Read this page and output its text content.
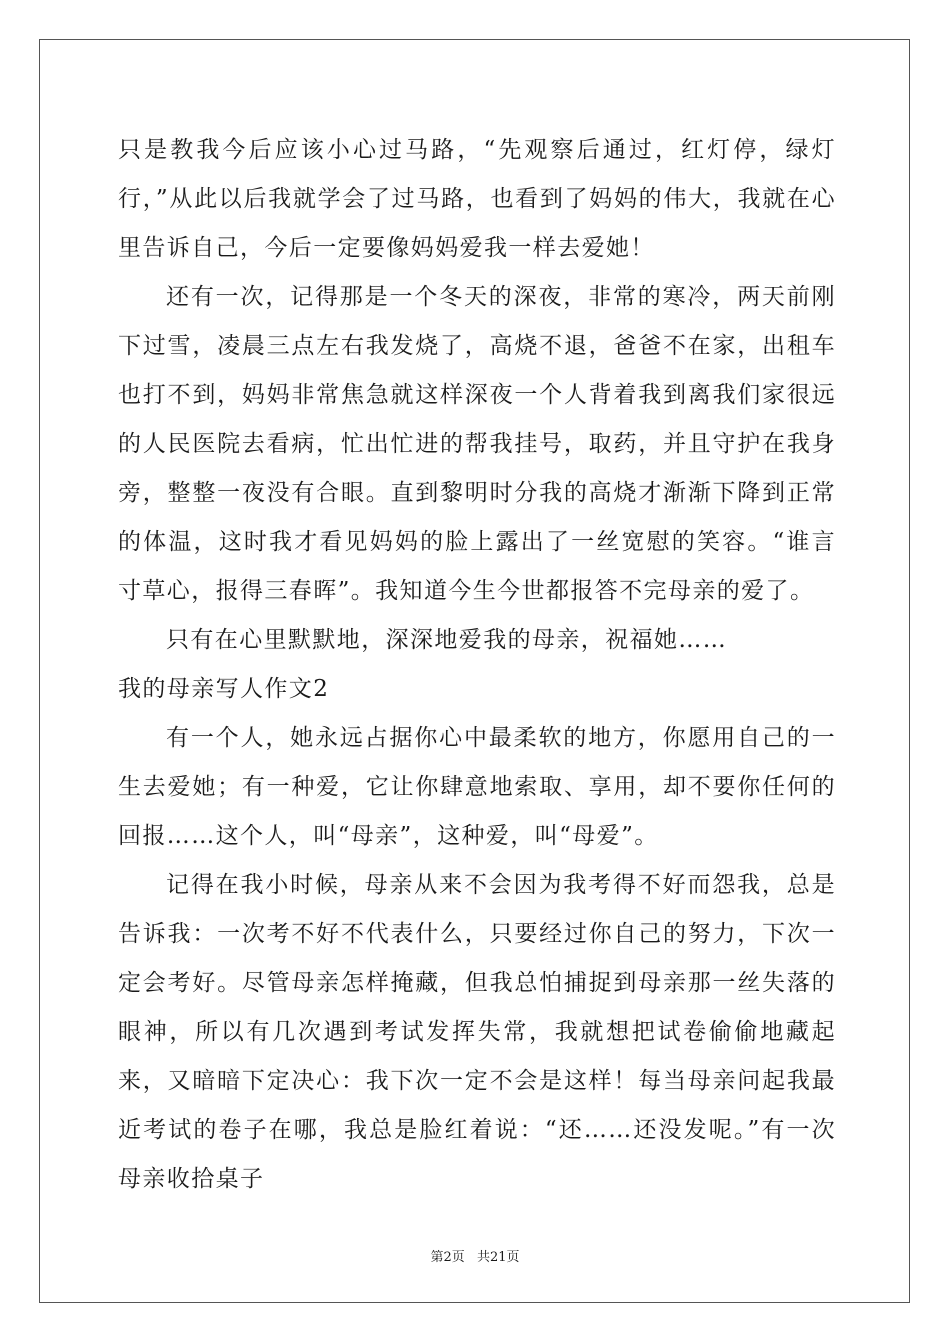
只是教我今后应该小心过马路，“先观察后通过，红灯停，绿灯行，”从此以后我就学会了过马路，也看到了妈妈的伟大，我就在心里告诉自己，今后一定要像妈妈爱我一样去爱她！

还有一次，记得那是一个冬天的深夜，非常的寒冷，两天前刚下过雪，凌晨三点左右我发烧了，高烧不退，爸爸不在家，出租车也打不到，妈妈非常焦急就这样深夜一个人背着我到离我们家很远的人民医院去看病，忙出忙进的帮我挂号，取药，并且守护在我身旁，整整一夜没有合眼。直到黎明时分我的高烧才渐渐下降到正常的体温，这时我才看见妈妈的脸上露出了一丝宽慰的笑容。“谁言寸草心，报得三春晖”。我知道今生今世都报答不完母亲的爱了。

只有在心里默默地，深深地爱我的母亲，祝福她……

我的母亲写人作文2

有一个人，她永远占据你心中最柔软的地方，你愿用自己的一生去爱她；有一种爱，它让你肆意地索取、享用，却不要你任何的回报……这个人，叫“母亲”，这种爱，叫“母爱”。

记得在我小时候，母亲从来不会因为我考得不好而怨我，总是告诉我：一次考不好不代表什么，只要经过你自己的努力，下次一定会考好。尽管母亲怎样掩藏，但我总怕捕捉到母亲那一丝失落的眼神，所以有几次遇到考试发挥失常，我就想把试卷偷偷地藏起来，又暗暗下定决心：我下次一定不会是这样！每当母亲问起我最近考试的卷子在哪，我总是脸红着说：“还……还没发呢。”有一次母亲收拾桌子

第2页 共21页
